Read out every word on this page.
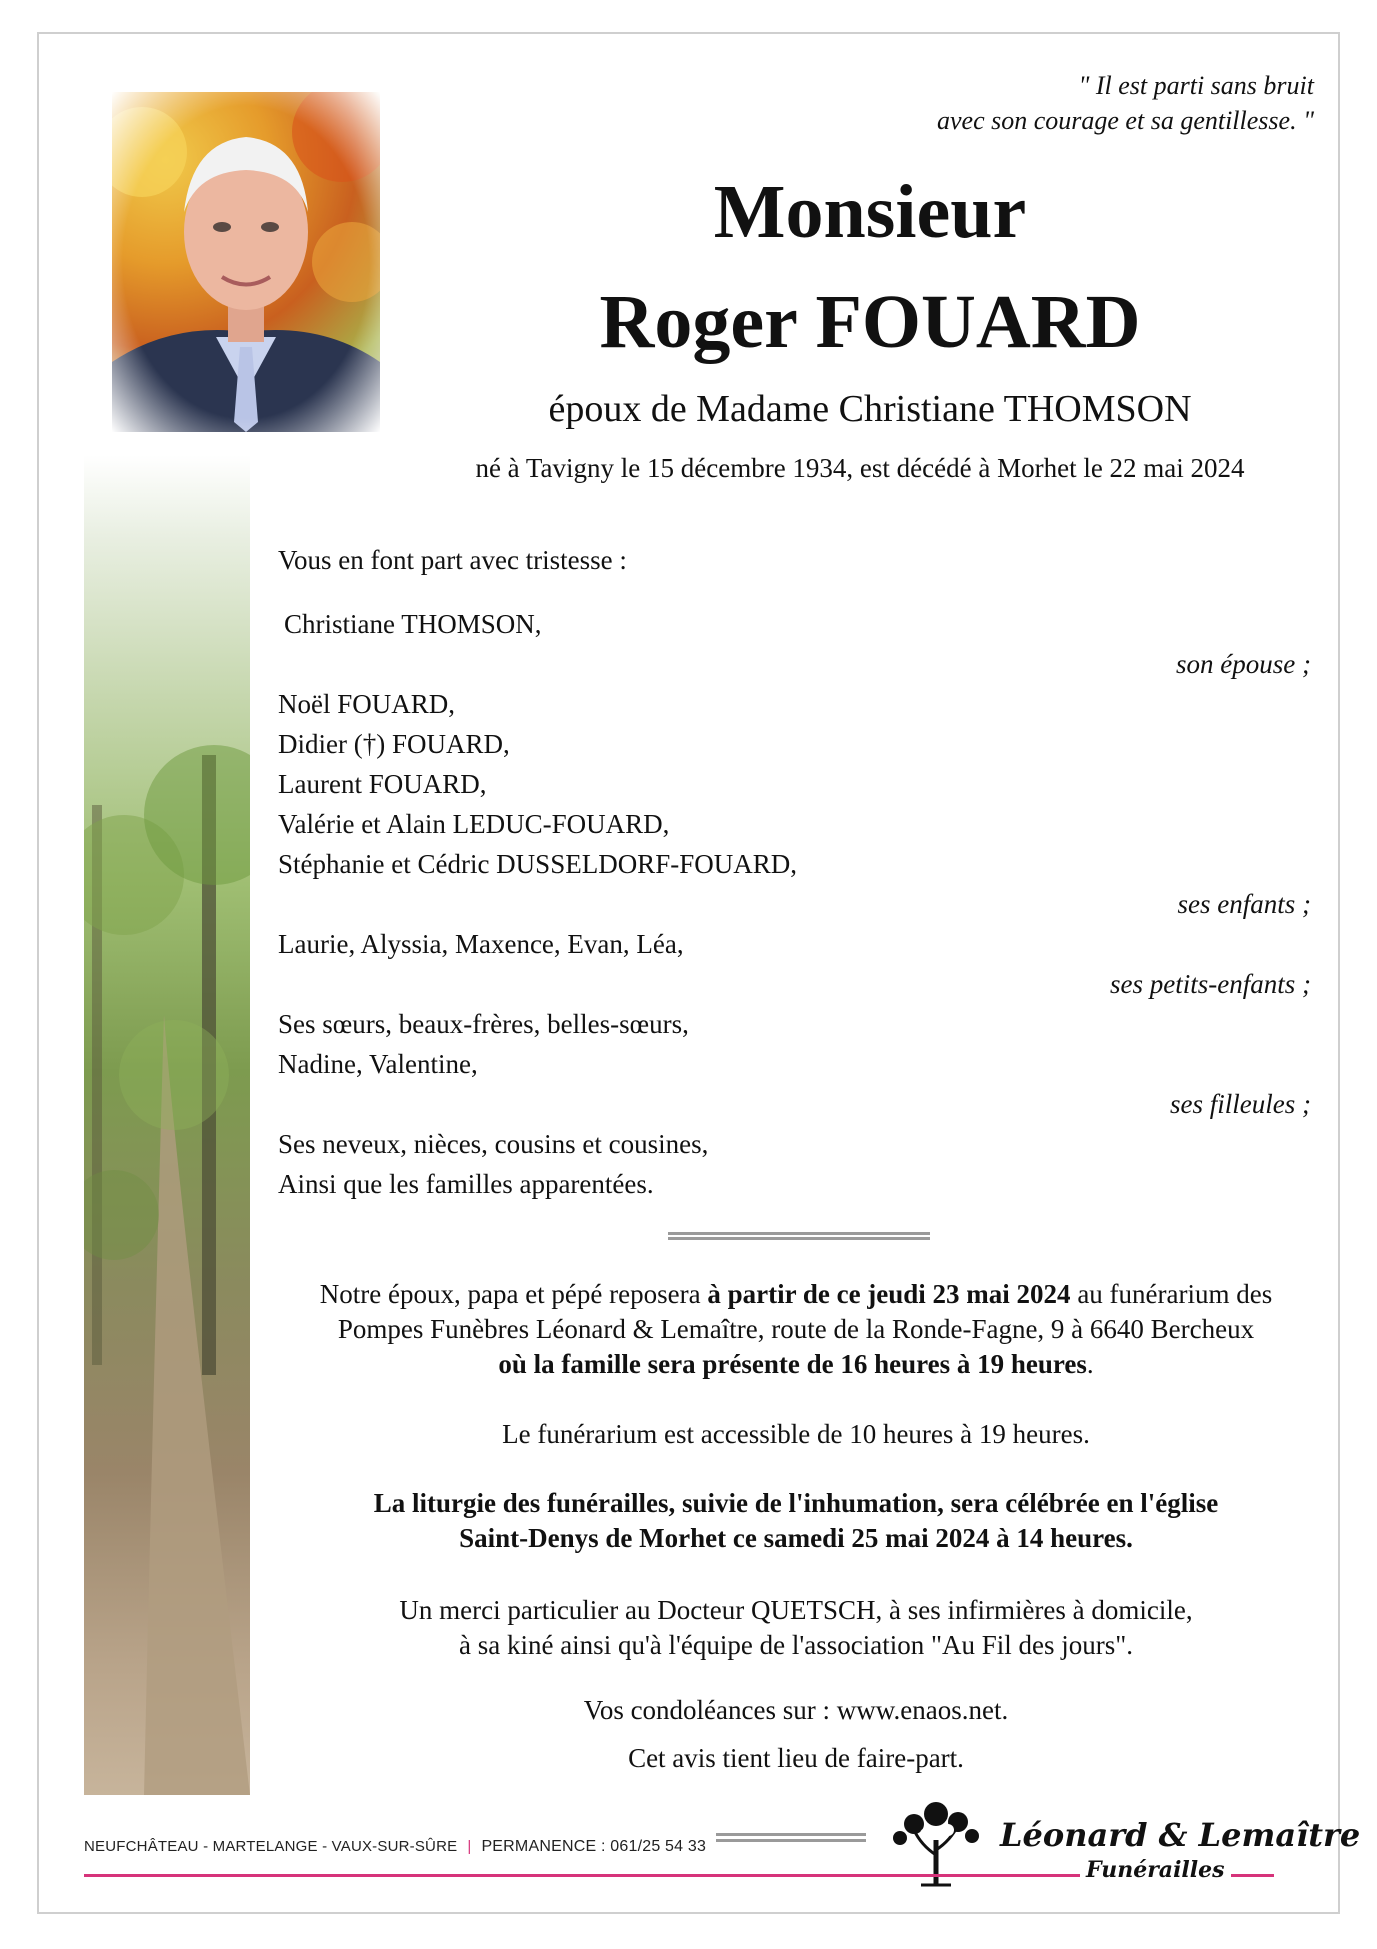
" Il est parti sans bruit
avec son courage et sa gentillesse. "
Monsieur
Roger FOUARD
époux de Madame Christiane THOMSON
né à Tavigny le 15 décembre 1934, est décédé à Morhet le 22 mai 2024
Vous en font part avec tristesse :
Christiane THOMSON,
son épouse ;
Noël FOUARD,
Didier (†) FOUARD,
Laurent FOUARD,
Valérie et Alain LEDUC-FOUARD,
Stéphanie et Cédric DUSSELDORF-FOUARD,
ses enfants ;
Laurie, Alyssia, Maxence, Evan, Léa,
ses petits-enfants ;
Ses sœurs, beaux-frères, belles-sœurs,
Nadine, Valentine,
ses filleules ;
Ses neveux, nièces, cousins et cousines,
Ainsi que les familles apparentées.
Notre époux, papa et pépé reposera à partir de ce jeudi 23 mai 2024 au funérarium des
Pompes Funèbres Léonard & Lemaître, route de la Ronde-Fagne, 9 à 6640 Bercheux
où la famille sera présente de 16 heures à 19 heures.
Le funérarium est accessible de 10 heures à 19 heures.
La liturgie des funérailles, suivie de l'inhumation, sera célébrée en l'église
Saint-Denys de Morhet ce samedi 25 mai 2024 à 14 heures.
Un merci particulier au Docteur QUETSCH, à ses infirmières à domicile,
à sa kiné ainsi qu'à l'équipe de l'association "Au Fil des jours".
Vos condoléances sur : www.enaos.net.
Cet avis tient lieu de faire-part.
NEUFCHÂTEAU - MARTELANGE - VAUX-SUR-SÛRE | PERMANENCE : 061/25 54 33	Léonard & Lemaître
Funérailles
